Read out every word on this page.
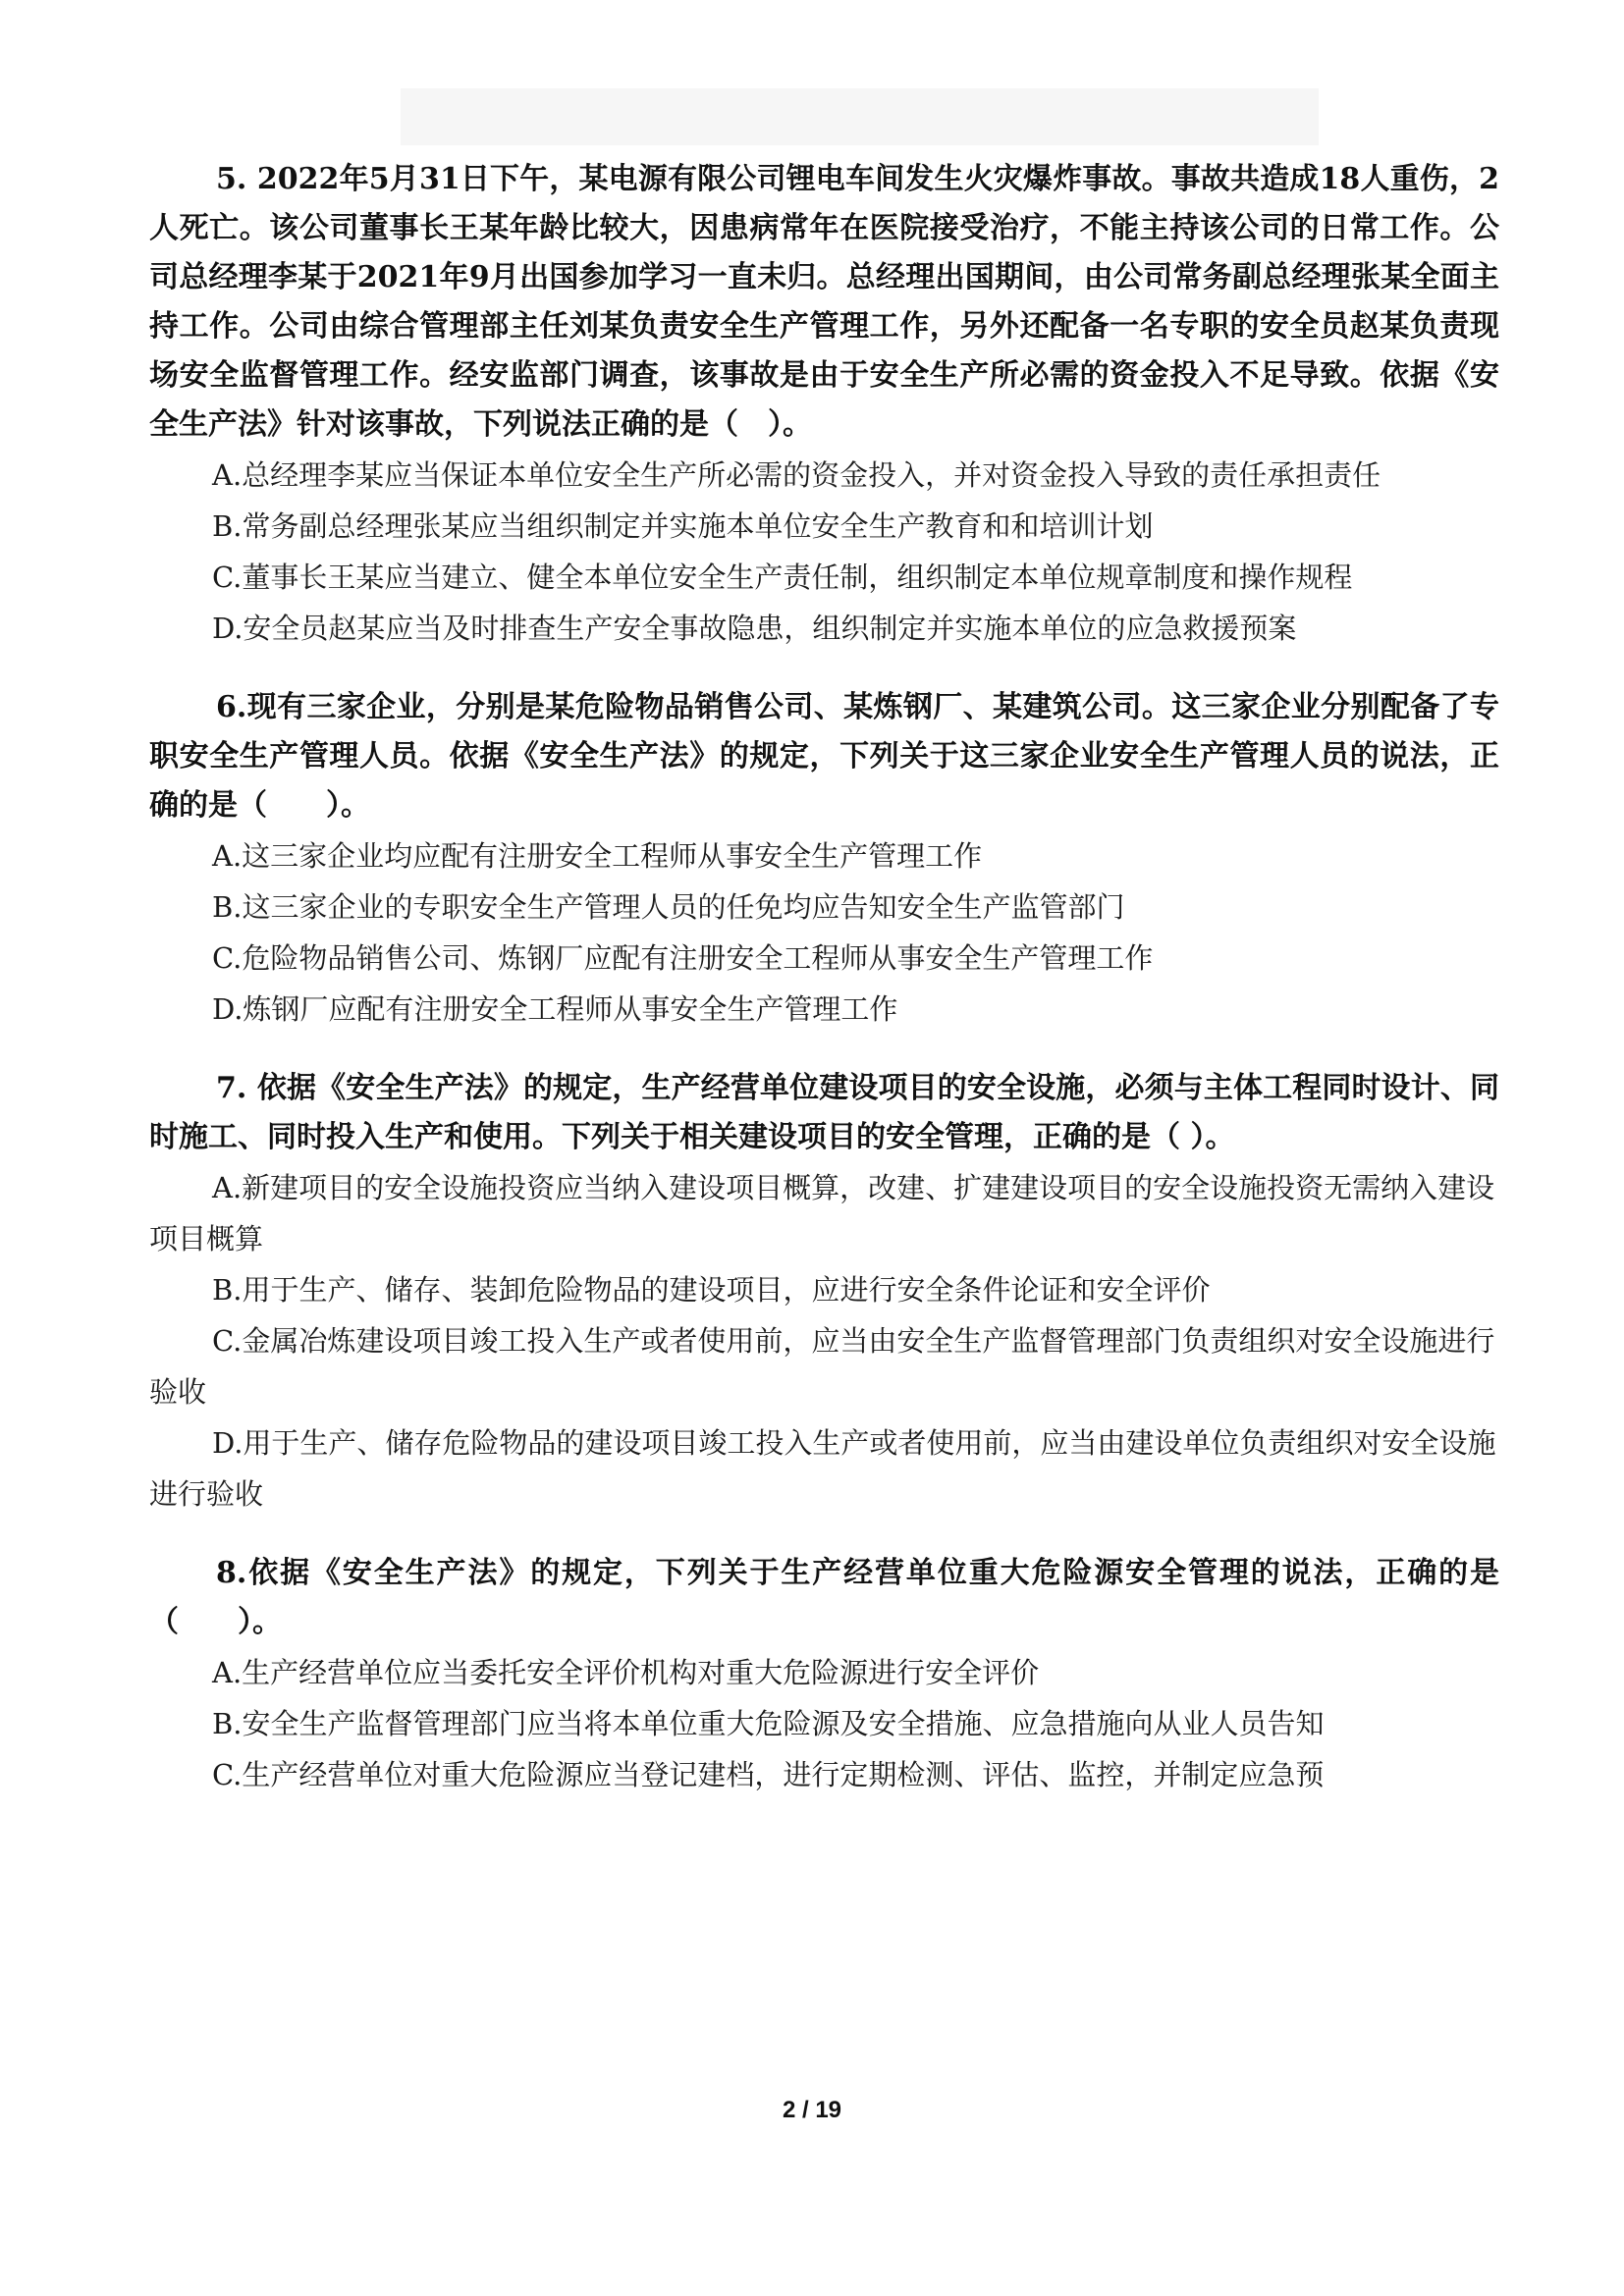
5. 2022年5月31日下午，某电源有限公司锂电车间发生火灾爆炸事故。事故共造成18人重伤，2人死亡。该公司董事长王某年龄比较大，因患病常年在医院接受治疗，不能主持该公司的日常工作。公司总经理李某于2021年9月出国参加学习一直未归。总经理出国期间，由公司常务副总经理张某全面主持工作。公司由综合管理部主任刘某负责安全生产管理工作，另外还配备一名专职的安全员赵某负责现场安全监督管理工作。经安监部门调查，该事故是由于安全生产所必需的资金投入不足导致。依据《安全生产法》针对该事故，下列说法正确的是（　）。

A.总经理李某应当保证本单位安全生产所必需的资金投入，并对资金投入导致的责任承担责任

B.常务副总经理张某应当组织制定并实施本单位安全生产教育和和培训计划

C.董事长王某应当建立、健全本单位安全生产责任制，组织制定本单位规章制度和操作规程

D.安全员赵某应当及时排查生产安全事故隐患，组织制定并实施本单位的应急救援预案

6.现有三家企业，分别是某危险物品销售公司、某炼钢厂、某建筑公司。这三家企业分别配备了专职安全生产管理人员。依据《安全生产法》的规定，下列关于这三家企业安全生产管理人员的说法，正确的是（　　）。

A.这三家企业均应配有注册安全工程师从事安全生产管理工作

B.这三家企业的专职安全生产管理人员的任免均应告知安全生产监管部门

C.危险物品销售公司、炼钢厂应配有注册安全工程师从事安全生产管理工作

D.炼钢厂应配有注册安全工程师从事安全生产管理工作

7. 依据《安全生产法》的规定，生产经营单位建设项目的安全设施，必须与主体工程同时设计、同时施工、同时投入生产和使用。下列关于相关建设项目的安全管理，正确的是（ ）。

A.新建项目的安全设施投资应当纳入建设项目概算，改建、扩建建设项目的安全设施投资无需纳入建设项目概算

B.用于生产、储存、装卸危险物品的建设项目，应进行安全条件论证和安全评价

C.金属冶炼建设项目竣工投入生产或者使用前，应当由安全生产监督管理部门负责组织对安全设施进行验收

D.用于生产、储存危险物品的建设项目竣工投入生产或者使用前，应当由建设单位负责组织对安全设施进行验收

8.依据《安全生产法》的规定，下列关于生产经营单位重大危险源安全管理的说法，正确的是（　　）。

A.生产经营单位应当委托安全评价机构对重大危险源进行安全评价

B.安全生产监督管理部门应当将本单位重大危险源及安全措施、应急措施向从业人员告知

C.生产经营单位对重大危险源应当登记建档，进行定期检测、评估、监控，并制定应急预

2 / 19
